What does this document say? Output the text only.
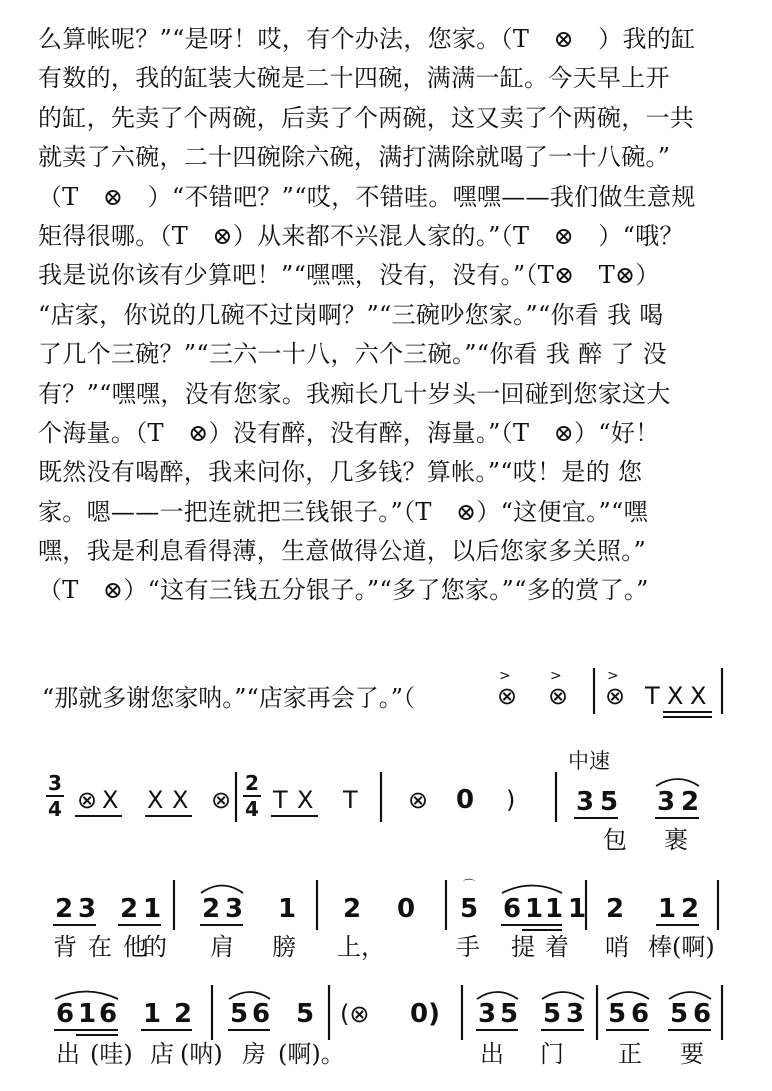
么算帐呢？”“是呀！哎，有个办法，您家。（T　⊗　）我的缸
有数的，我的缸装大碗是二十四碗，满满一缸。今天早上开
的缸，先卖了个两碗，后卖了个两碗，这又卖了个两碗，一共
就卖了六碗，二十四碗除六碗，满打满除就喝了一十八碗。”
（T　⊗　）“不错吧？”“哎，不错哇。嘿嘿——我们做生意规
矩得很哪。（T　⊗）从来都不兴混人家的。”（T　⊗　）“哦？
我是说你该有少算吧！”“嘿嘿，没有，没有。”（T⊗　T⊗）
“店家，你说的几碗不过岗啊？”“三碗吵您家。”“你看 我 喝
了几个三碗？”“三六一十八，六个三碗。”“你看 我 醉 了 没
有？”“嘿嘿，没有您家。我痴长几十岁头一回碰到您家这大
个海量。（T　⊗）没有醉，没有醉，海量。”（T　⊗）“好！
既然没有喝醉，我来问你，几多钱？算帐。”“哎！是的 您
家。嗯——一把连就把三钱银子。”（T　⊗）“这便宜。”“嘿
嘿，我是利息看得薄，生意做得公道，以后您家多关照。”
（T　⊗）“这有三钱五分银子。”“多了您家。”“多的赏了。”
“那就多谢您家呐。”“店家再会了。”（	⊗ ⊗
>	>
⊗
>
T X X
3
4 ⊗ X X X ⊗
2
4 T X T ⊗ 0 )
中速
3 5 3 2
包 裹
2 3 2 1 2 3 1 2 0 5
⌒
6 1 1 1 2 1 2
背 在 他
的 肩 膀 上，	手 提 着 哨 棒(啊)
6 1 6 1 2 5 6 5 (⊗ 0) 3 5 5 3 5 6 5 6
出 (哇) 店 (呐) 房 (啊)。	出 门 正 要
